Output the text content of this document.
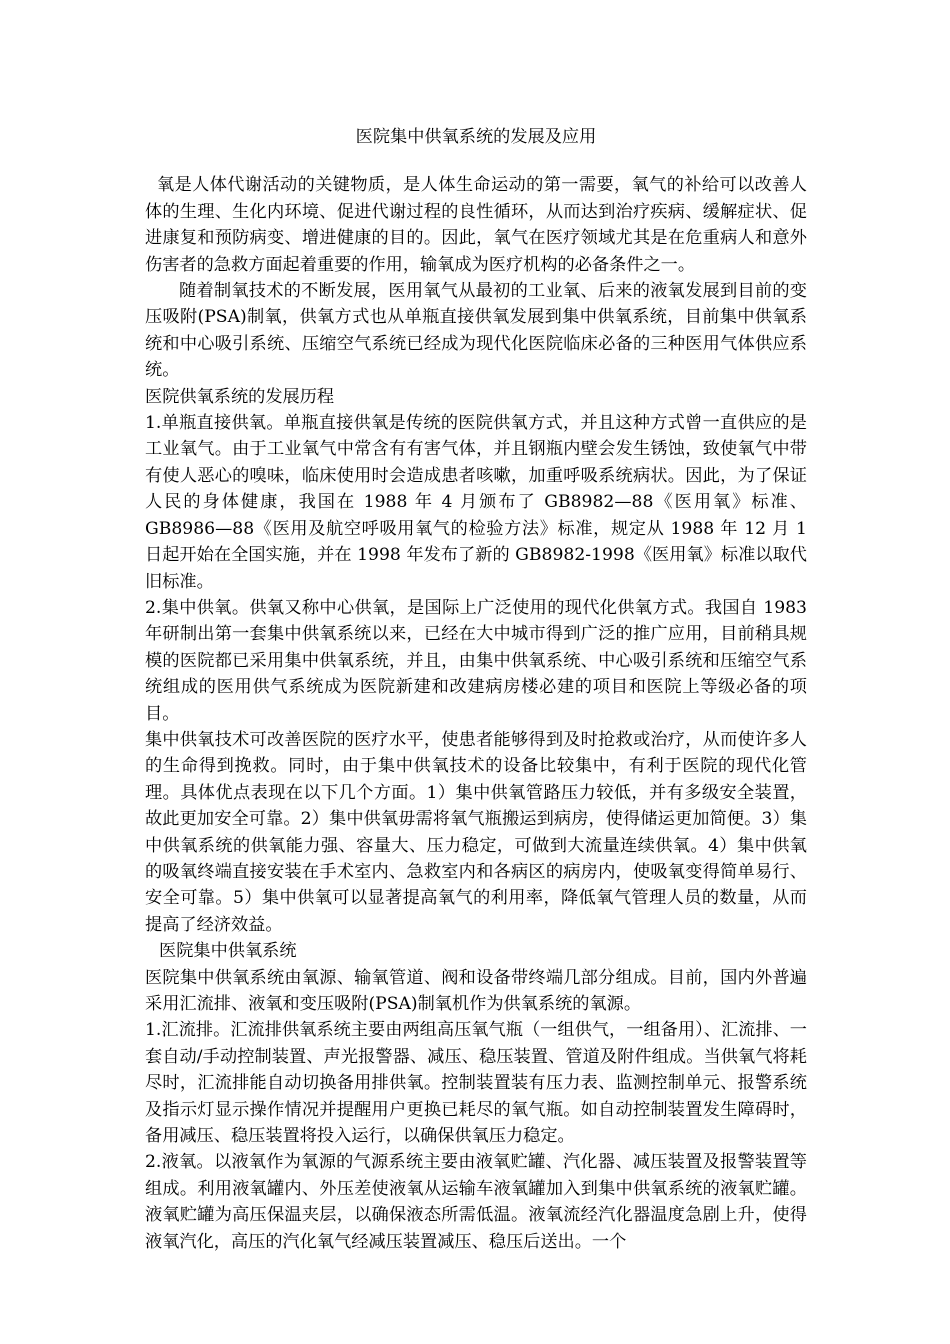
医院集中供氧系统的发展及应用

氧是人体代谢活动的关键物质，是人体生命运动的第一需要，氧气的补给可以改善人体的生理、生化内环境、促进代谢过程的良性循环，从而达到治疗疾病、缓解症状、促进康复和预防病变、增进健康的目的。因此，氧气在医疗领域尤其是在危重病人和意外伤害者的急救方面起着重要的作用，输氧成为医疗机构的必备条件之一。

随着制氧技术的不断发展，医用氧气从最初的工业氧、后来的液氧发展到目前的变压吸附(PSA)制氧，供氧方式也从单瓶直接供氧发展到集中供氧系统，目前集中供氧系统和中心吸引系统、压缩空气系统已经成为现代化医院临床必备的三种医用气体供应系统。

医院供氧系统的发展历程

1.单瓶直接供氧。单瓶直接供氧是传统的医院供氧方式，并且这种方式曾一直供应的是工业氧气。由于工业氧气中常含有有害气体，并且钢瓶内壁会发生锈蚀，致使氧气中带有使人恶心的嗅味，临床使用时会造成患者咳嗽，加重呼吸系统病状。因此，为了保证人民的身体健康，我国在 1988 年 4 月颁布了 GB8982—88《医用氧》标准、GB8986—88《医用及航空呼吸用氧气的检验方法》标准，规定从 1988 年 12 月 1 日起开始在全国实施，并在 1998 年发布了新的 GB8982-1998《医用氧》标准以取代旧标准。

2.集中供氧。供氧又称中心供氧，是国际上广泛使用的现代化供氧方式。我国自 1983 年研制出第一套集中供氧系统以来，已经在大中城市得到广泛的推广应用，目前稍具规模的医院都已采用集中供氧系统，并且，由集中供氧系统、中心吸引系统和压缩空气系统组成的医用供气系统成为医院新建和改建病房楼必建的项目和医院上等级必备的项目。

集中供氧技术可改善医院的医疗水平，使患者能够得到及时抢救或治疗，从而使许多人的生命得到挽救。同时，由于集中供氧技术的设备比较集中，有利于医院的现代化管理。具体优点表现在以下几个方面。1）集中供氧管路压力较低，并有多级安全装置，故此更加安全可靠。2）集中供氧毋需将氧气瓶搬运到病房，使得储运更加简便。3）集中供氧系统的供氧能力强、容量大、压力稳定，可做到大流量连续供氧。4）集中供氧的吸氧终端直接安装在手术室内、急救室内和各病区的病房内，使吸氧变得简单易行、安全可靠。5）集中供氧可以显著提高氧气的利用率，降低氧气管理人员的数量，从而提高了经济效益。

医院集中供氧系统

医院集中供氧系统由氧源、输氧管道、阀和设备带终端几部分组成。目前，国内外普遍采用汇流排、液氧和变压吸附(PSA)制氧机作为供氧系统的氧源。

1.汇流排。汇流排供氧系统主要由两组高压氧气瓶（一组供气，一组备用）、汇流排、一套自动/手动控制装置、声光报警器、减压、稳压装置、管道及附件组成。当供氧气将耗尽时，汇流排能自动切换备用排供氧。控制装置装有压力表、监测控制单元、报警系统及指示灯显示操作情况并提醒用户更换已耗尽的氧气瓶。如自动控制装置发生障碍时，备用减压、稳压装置将投入运行，以确保供氧压力稳定。

2.液氧。以液氧作为氧源的气源系统主要由液氧贮罐、汽化器、减压装置及报警装置等组成。利用液氧罐内、外压差使液氧从运输车液氧罐加入到集中供氧系统的液氧贮罐。液氧贮罐为高压保温夹层，以确保液态所需低温。液氧流经汽化器温度急剧上升，使得液氧汽化，高压的汽化氧气经减压装置减压、稳压后送出。一个
